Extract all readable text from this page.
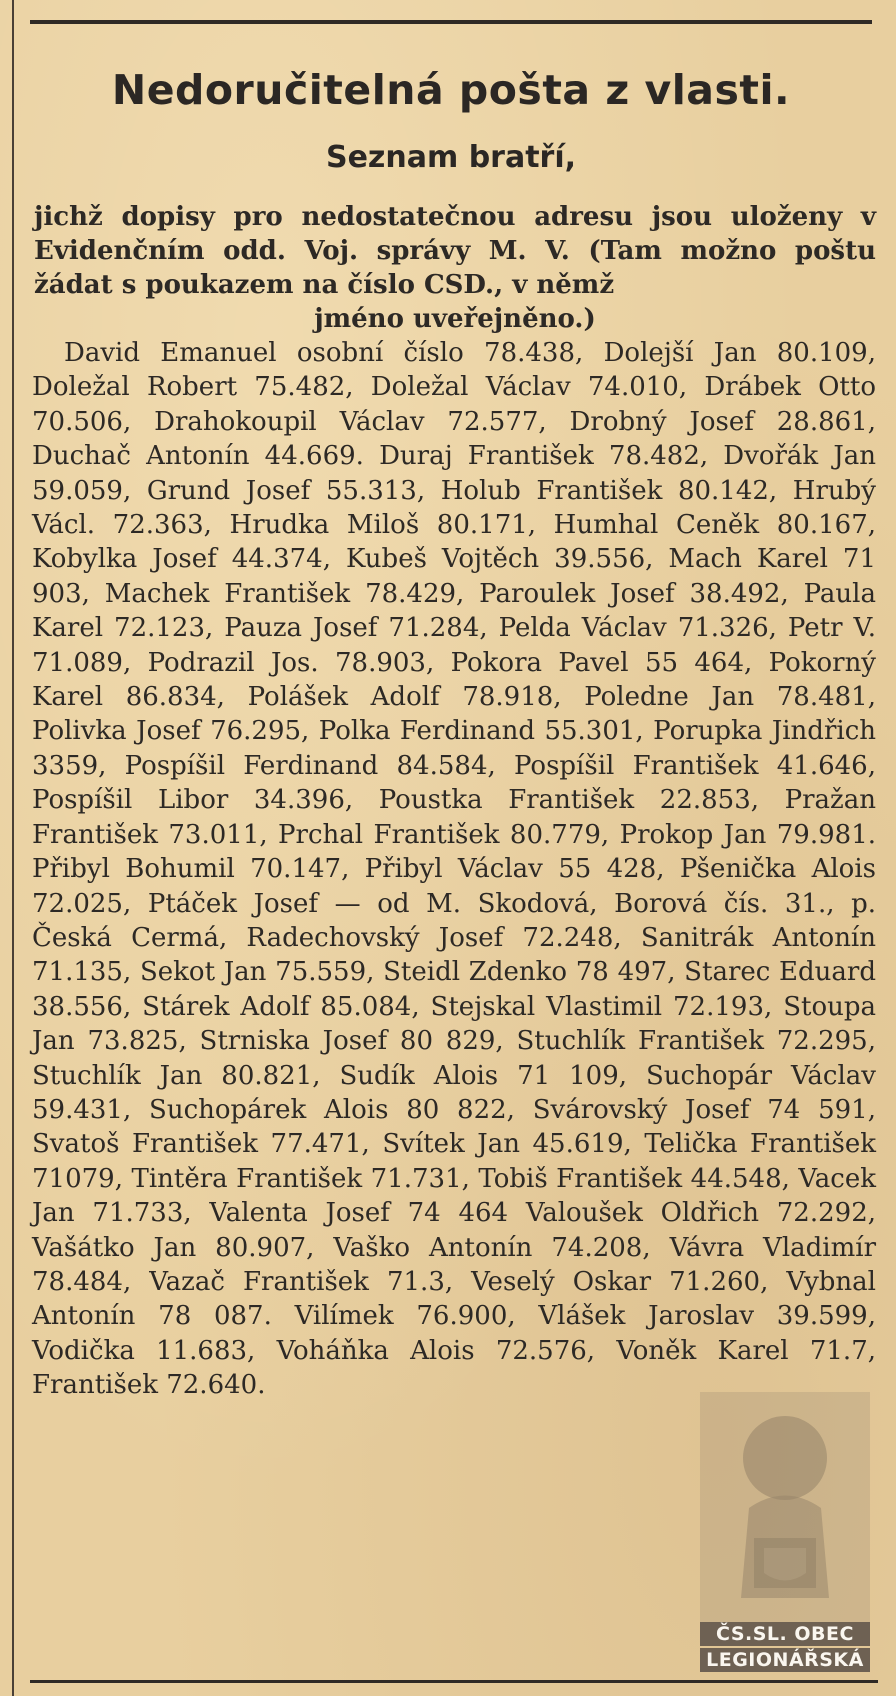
Nedoručitelná pošta z vlasti.
Seznam bratří,
jichž dopisy pro nedostatečnou adresu jsou uloženy v Evidenčním odd. Voj. správy M. V. (Tam možno poštu žádat s poukazem na číslo CSD., v němž
jméno uveřejněno.)
David Emanuel osobní číslo 78.438, Dolejší Jan 80.109, Doležal Robert 75.482, Doležal Václav 74.010, Drábek Otto 70.506, Drahokoupil Václav 72.577, Drobný Josef 28.861, Duchač Antonín 44.669. Duraj František 78.482, Dvořák Jan 59.059, Grund Josef 55.313, Holub František 80.142, Hrubý Václ. 72.363, Hrudka Miloš 80.171, Humhal Ceněk 80.167, Kobylka Josef 44.374, Kubeš Vojtěch 39.556, Mach Karel 71 903, Machek František 78.429, Paroulek Josef 38.492, Paula Karel 72.123, Pauza Josef 71.284, Pelda Václav 71.326, Petr V. 71.089, Podrazil Jos. 78.903, Pokora Pavel 55 464, Pokorný Karel 86.834, Polášek Adolf 78.918, Poledne Jan 78.481, Polivka Josef 76.295, Polka Ferdinand 55.301, Porupka Jindřich 3359, Pospíšil Ferdinand 84.584, Pospíšil František 41.646, Pospíšil Libor 34.396, Poustka František 22.853, Pražan František 73.011, Prchal František 80.779, Prokop Jan 79.981. Přibyl Bohumil 70.147, Přibyl Václav 55 428, Pšenička Alois 72.025, Ptáček Josef — od M. Skodová, Borová čís. 31., p. Česká Cermá, Radechovský Josef 72.248, Sanitrák Antonín 71.135, Sekot Jan 75.559, Steidl Zdenko 78 497, Starec Eduard 38.556, Stárek Adolf 85.084, Stejskal Vlastimil 72.193, Stoupa Jan 73.825, Strniska Josef 80 829, Stuchlík František 72.295, Stuchlík Jan 80.821, Sudík Alois 71 109, Suchopár Václav 59.431, Suchopárek Alois 80 822, Svárovský Josef 74 591, Svatoš František 77.471, Svítek Jan 45.619, Telička František 71079, Tintěra František 71.731, Tobiš František 44.548, Vacek Jan 71.733, Valenta Josef 74 464 Valoušek Oldřich 72.292, Vašátko Jan 80.907, Vaško Antonín 74.208, Vávra Vladimír 78.484, Vazač František 71.3, Veselý Oskar 71.260, Vybnal Antonín 78 087. Vilímek 76.900, Vlášek Jaroslav 39.599, Vodička 11.683, Voháňka Alois 72.576, Voněk Karel 71.7, František 72.640.
ČS.SL. OBEC
LEGIONÁŘSKÁ
